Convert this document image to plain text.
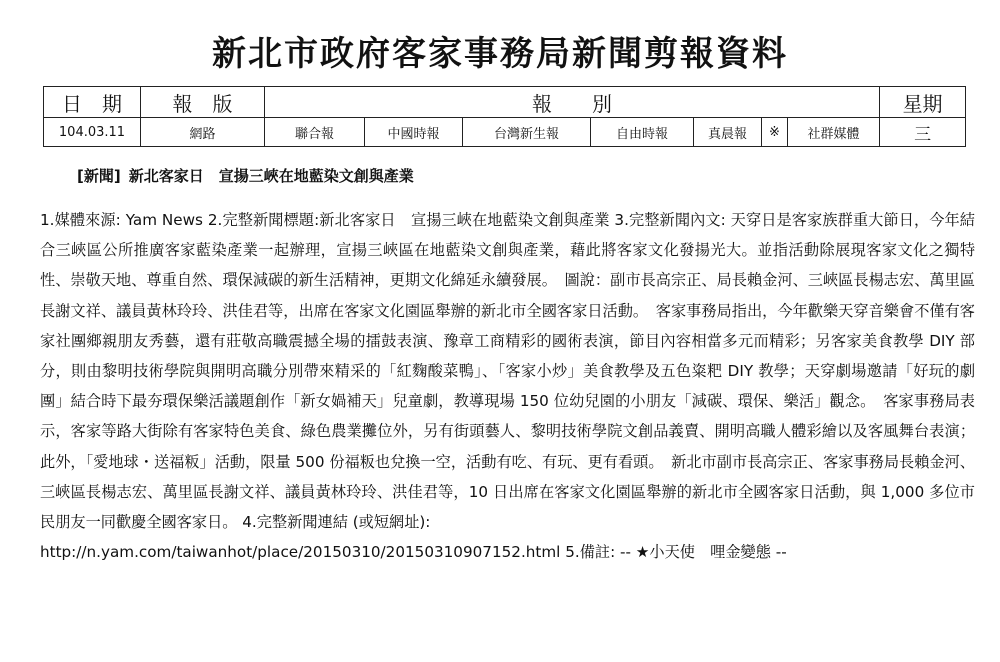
新北市政府客家事務局新聞剪報資料
日　期	報　版	報　　別							星期
104.03.11	網路	聯合報	中國時報	台灣新生報	自由時報	真晨報	※	社群媒體	三
[新聞] 新北客家日　宣揚三峽在地藍染文創與產業
1.媒體來源: Yam News 2.完整新聞標題:新北客家日　宣揚三峽在地藍染文創與產業 3.完整新聞內文: 天穿日是客家族群重大節日，今年結合三峽區公所推廣客家藍染產業一起辦理，宣揚三峽區在地藍染文創與產業，藉此將客家文化發揚光大。並指活動除展現客家文化之獨特性、崇敬天地、尊重自然、環保減碳的新生活精神，更期文化綿延永續發展。　圖說：副市長高宗正、局長賴金河、三峽區長楊志宏、萬里區長謝文祥、議員黃林玲玲、洪佳君等，出席在客家文化園區舉辦的新北市全國客家日活動。　客家事務局指出，今年歡樂天穿音樂會不僅有客家社團鄉親朋友秀藝，還有莊敬高職震撼全場的擂鼓表演、豫章工商精彩的國術表演，節目內容相當多元而精彩；另客家美食教學 DIY 部分，則由黎明技術學院與開明高職分別帶來精采的「紅麴酸菜鴨」、「客家小炒」美食教學及五色粢粑 DIY 教學；天穿劇場邀請「好玩的劇團」結合時下最夯環保樂活議題創作「新女媧補天」兒童劇，教導現場 150 位幼兒園的小朋友「減碳、環保、樂活」觀念。　客家事務局表示，客家等路大街除有客家特色美食、綠色農業攤位外，另有街頭藝人、黎明技術學院文創品義賣、開明高職人體彩繪以及客風舞台表演；此外，「愛地球・送福粄」活動，限量 500 份福粄也兌換一空，活動有吃、有玩、更有看頭。　新北市副市長高宗正、客家事務局長賴金河、三峽區長楊志宏、萬里區長謝文祥、議員黃林玲玲、洪佳君等，10 日出席在客家文化園區舉辦的新北市全國客家日活動，與 1,000 多位市民朋友一同歡慶全國客家日。 4.完整新聞連結 (或短網址):
http://n.yam.com/taiwanhot/place/20150310/20150310907152.html 5.備註: -- ★小天使　哩金變態 --
